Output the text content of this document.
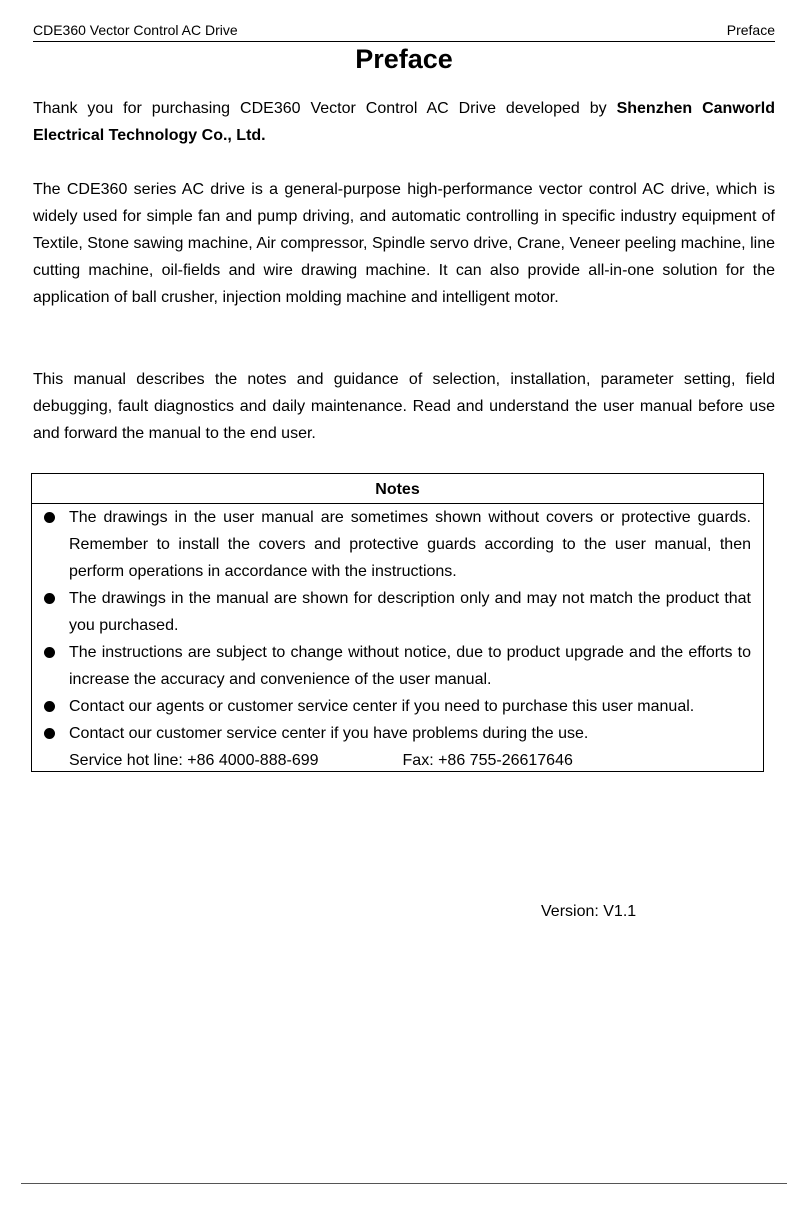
CDE360 Vector Control AC Drive	Preface
Preface

Thank you for purchasing CDE360 Vector Control AC Drive developed by Shenzhen Canworld Electrical Technology Co., Ltd.

The CDE360 series AC drive is a general-purpose high-performance vector control AC drive, which is widely used for simple fan and pump driving, and automatic controlling in specific industry equipment of Textile, Stone sawing machine, Air compressor, Spindle servo drive, Crane, Veneer peeling machine, line cutting machine, oil-fields and wire drawing machine. It can also provide all-in-one solution for the application of ball crusher, injection molding machine and intelligent motor.

This manual describes the notes and guidance of selection, installation, parameter setting, field debugging, fault diagnostics and daily maintenance. Read and understand the user manual before use and forward the manual to the end user.

Notes
The drawings in the user manual are sometimes shown without covers or protective guards. Remember to install the covers and protective guards according to the user manual, then perform operations in accordance with the instructions.
The drawings in the manual are shown for description only and may not match the product that you purchased.
The instructions are subject to change without notice, due to product upgrade and the efforts to increase the accuracy and convenience of the user manual.
Contact our agents or customer service center if you need to purchase this user manual.
Contact our customer service center if you have problems during the use.
Service hot line: +86 4000-888-699	Fax: +86 755-26617646
Version: V1.1
